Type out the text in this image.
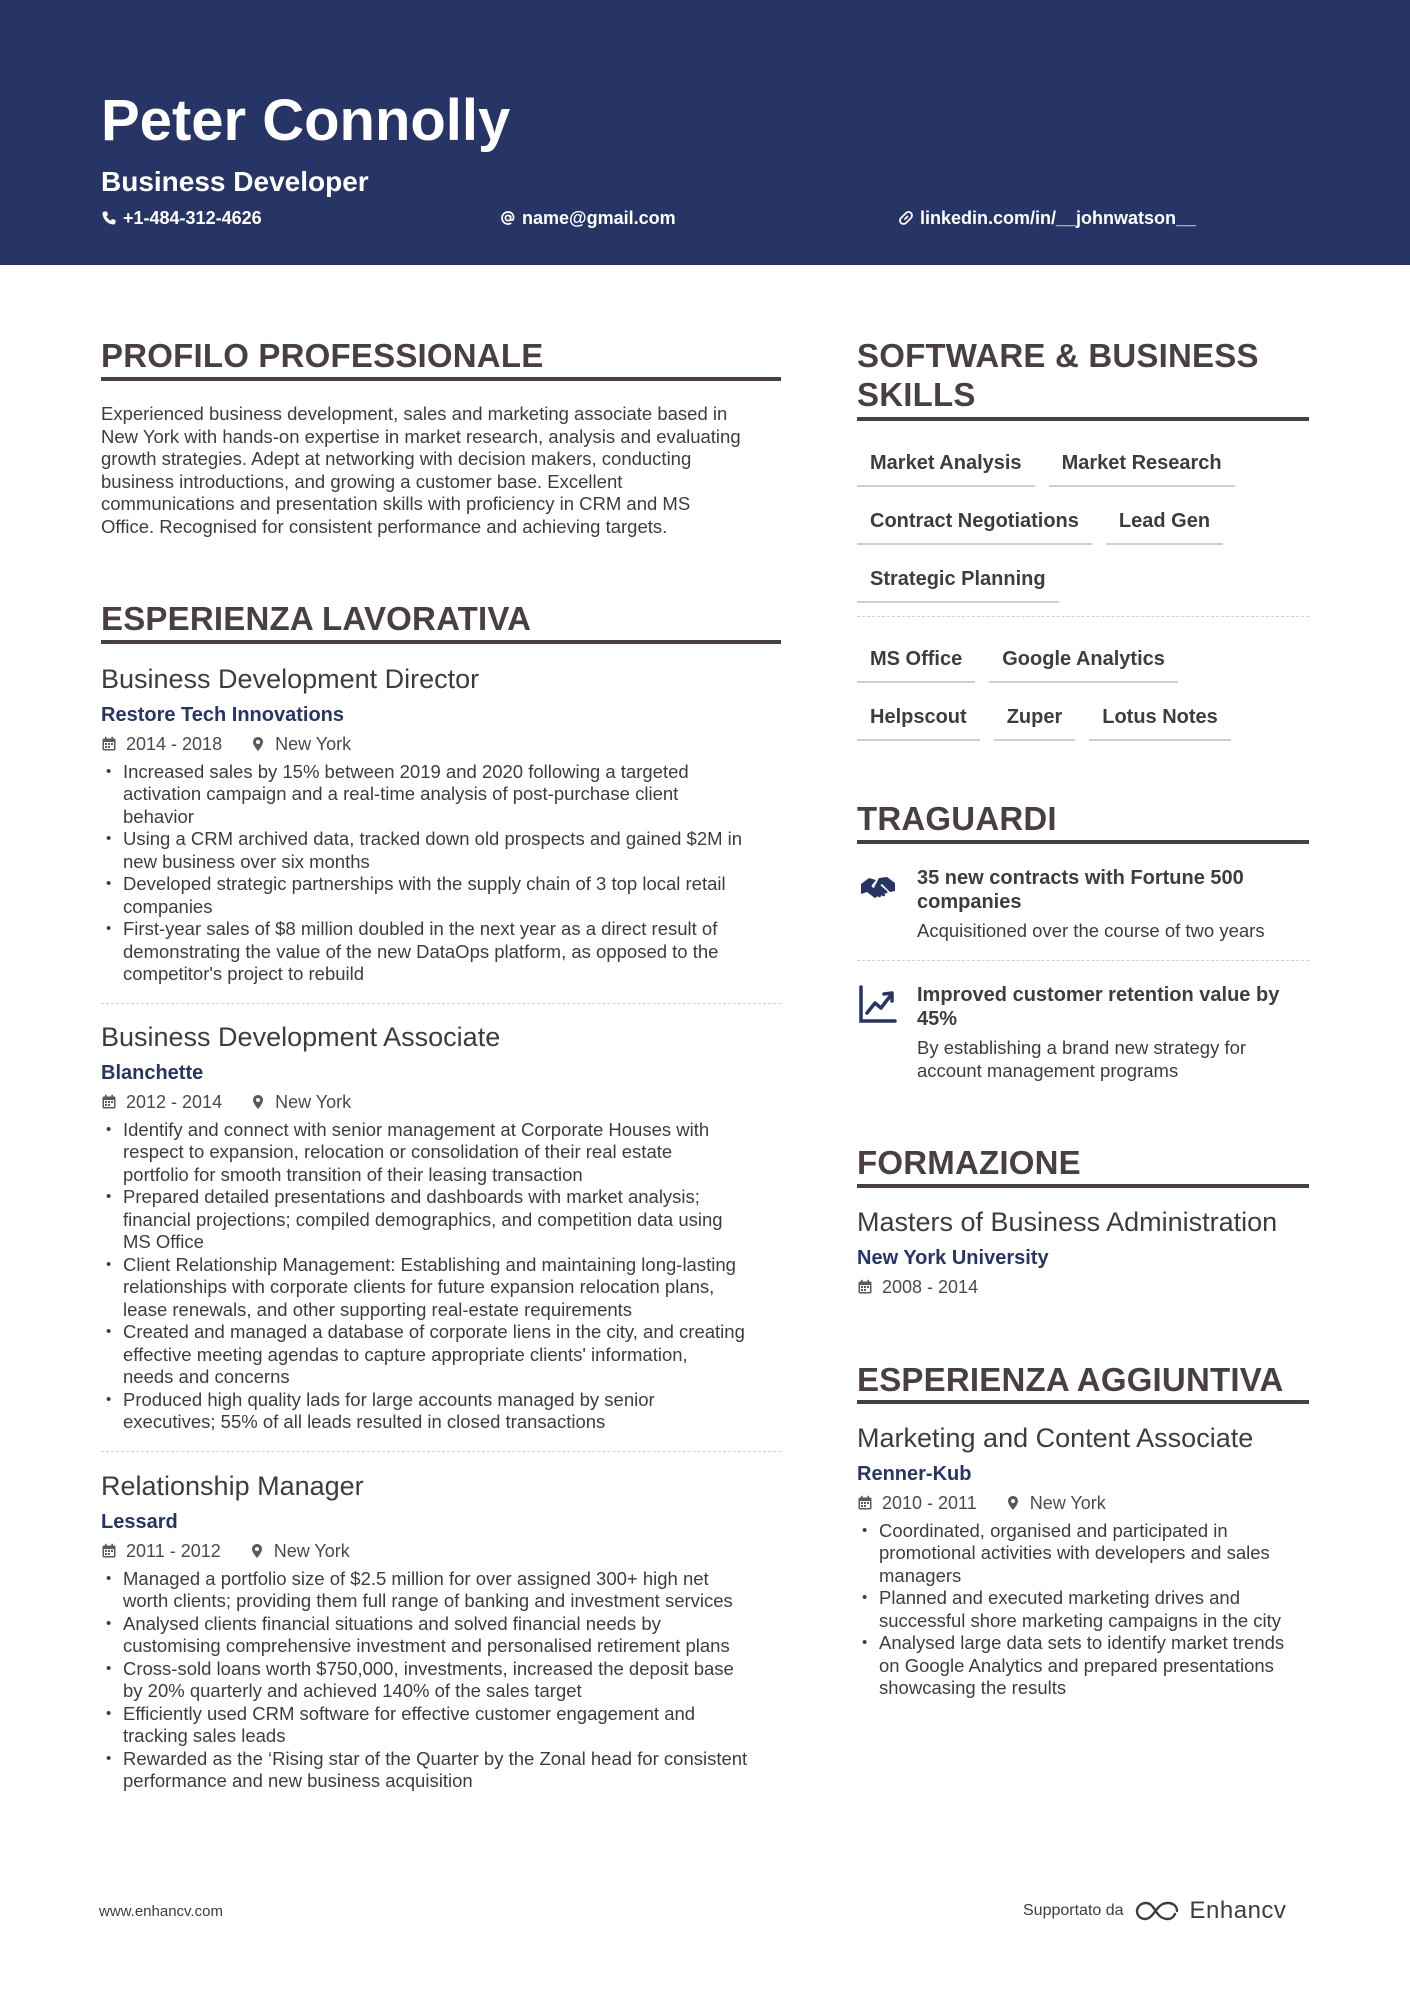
Peter Connolly
Business Developer
+1-484-312-4626	name@gmail.com	linkedin.com/in/__johnwatson__
PROFILO PROFESSIONALE
Experienced business development, sales and marketing associate based in
New York with hands-on expertise in market research, analysis and evaluating
growth strategies. Adept at networking with decision makers, conducting
business introductions, and growing a customer base. Excellent
communications and presentation skills with proficiency in CRM and MS
Office. Recognised for consistent performance and achieving targets.
ESPERIENZA LAVORATIVA
Business Development Director
Restore Tech Innovations
2014 - 2018	New York
• Increased sales by 15% between 2019 and 2020 following a targeted
activation campaign and a real-time analysis of post-purchase client
behavior
• Using a CRM archived data, tracked down old prospects and gained $2M in
new business over six months
• Developed strategic partnerships with the supply chain of 3 top local retail
companies
• First-year sales of $8 million doubled in the next year as a direct result of
demonstrating the value of the new DataOps platform, as opposed to the
competitor's project to rebuild
Business Development Associate
Blanchette
2012 - 2014	New York
• Identify and connect with senior management at Corporate Houses with
respect to expansion, relocation or consolidation of their real estate
portfolio for smooth transition of their leasing transaction
• Prepared detailed presentations and dashboards with market analysis;
financial projections; compiled demographics, and competition data using
MS Office
• Client Relationship Management: Establishing and maintaining long-lasting
relationships with corporate clients for future expansion relocation plans,
lease renewals, and other supporting real-estate requirements
• Created and managed a database of corporate liens in the city, and creating
effective meeting agendas to capture appropriate clients' information,
needs and concerns
• Produced high quality lads for large accounts managed by senior
executives; 55% of all leads resulted in closed transactions
Relationship Manager
Lessard
2011 - 2012	New York
• Managed a portfolio size of $2.5 million for over assigned 300+ high net
worth clients; providing them full range of banking and investment services
• Analysed clients financial situations and solved financial needs by
customising comprehensive investment and personalised retirement plans
• Cross-sold loans worth $750,000, investments, increased the deposit base
by 20% quarterly and achieved 140% of the sales target
• Efficiently used CRM software for effective customer engagement and
tracking sales leads
• Rewarded as the ‘Rising star of the Quarter by the Zonal head for consistent
performance and new business acquisition
SOFTWARE & BUSINESS
SKILLS
Market Analysis	Market Research
Contract Negotiations	Lead Gen
Strategic Planning
MS Office	Google Analytics
Helpscout	Zuper	Lotus Notes
TRAGUARDI
35 new contracts with Fortune 500
companies
Acquisitioned over the course of two years
Improved customer retention value by
45%
By establishing a brand new strategy for
account management programs
FORMAZIONE
Masters of Business Administration
New York University
2008 - 2014
ESPERIENZA AGGIUNTIVA
Marketing and Content Associate
Renner-Kub
2010 - 2011	New York
• Coordinated, organised and participated in
promotional activities with developers and sales
managers
• Planned and executed marketing drives and
successful shore marketing campaigns in the city
• Analysed large data sets to identify market trends
on Google Analytics and prepared presentations
showcasing the results
www.enhancv.com	Supportato da	Enhancv
